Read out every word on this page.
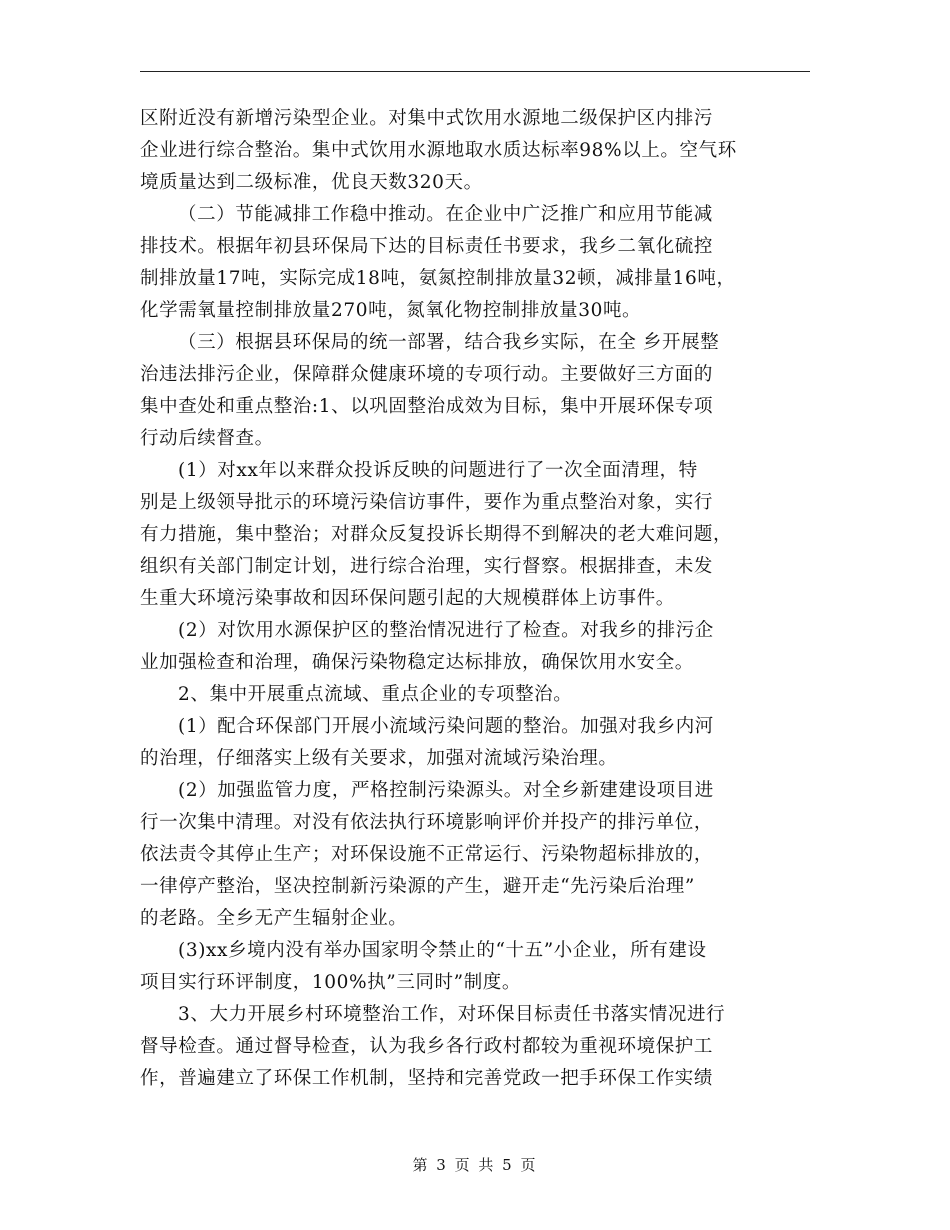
区附近没有新增污染型企业。对集中式饮用水源地二级保护区内排污
企业进行综合整治。集中式饮用水源地取水质达标率98%以上。空气环
境质量达到二级标准，优良天数320天。
（二）节能减排工作稳中推动。在企业中广泛推广和应用节能减
排技术。根据年初县环保局下达的目标责任书要求，我乡二氧化硫控
制排放量17吨，实际完成18吨，氨氮控制排放量32顿，减排量16吨，
化学需氧量控制排放量270吨，氮氧化物控制排放量30吨。
（三）根据县环保局的统一部署，结合我乡实际，在全 乡开展整
治违法排污企业，保障群众健康环境的专项行动。主要做好三方面的
集中查处和重点整治:1、以巩固整治成效为目标，集中开展环保专项
行动后续督查。
(1）对xx年以来群众投诉反映的问题进行了一次全面清理，特
别是上级领导批示的环境污染信访事件，要作为重点整治对象，实行
有力措施，集中整治；对群众反复投诉长期得不到解决的老大难问题，
组织有关部门制定计划，进行综合治理，实行督察。根据排查，未发
生重大环境污染事故和因环保问题引起的大规模群体上访事件。
(2）对饮用水源保护区的整治情况进行了检查。对我乡的排污企
业加强检查和治理，确保污染物稳定达标排放，确保饮用水安全。
2、集中开展重点流域、重点企业的专项整治。
(1）配合环保部门开展小流域污染问题的整治。加强对我乡内河
的治理，仔细落实上级有关要求，加强对流域污染治理。
(2）加强监管力度，严格控制污染源头。对全乡新建建设项目进
行一次集中清理。对没有依法执行环境影响评价并投产的排污单位，
依法责令其停止生产；对环保设施不正常运行、污染物超标排放的，
一律停产整治，坚决控制新污染源的产生，避开走“先污染后治理”
的老路。全乡无产生辐射企业。
(3)xx乡境内没有举办国家明令禁止的“十五”小企业，所有建设
项目实行环评制度，100%执”三同时”制度。
3、大力开展乡村环境整治工作，对环保目标责任书落实情况进行
督导检查。通过督导检查，认为我乡各行政村都较为重视环境保护工
作，普遍建立了环保工作机制，坚持和完善党政一把手环保工作实绩
第 3 页 共 5 页
